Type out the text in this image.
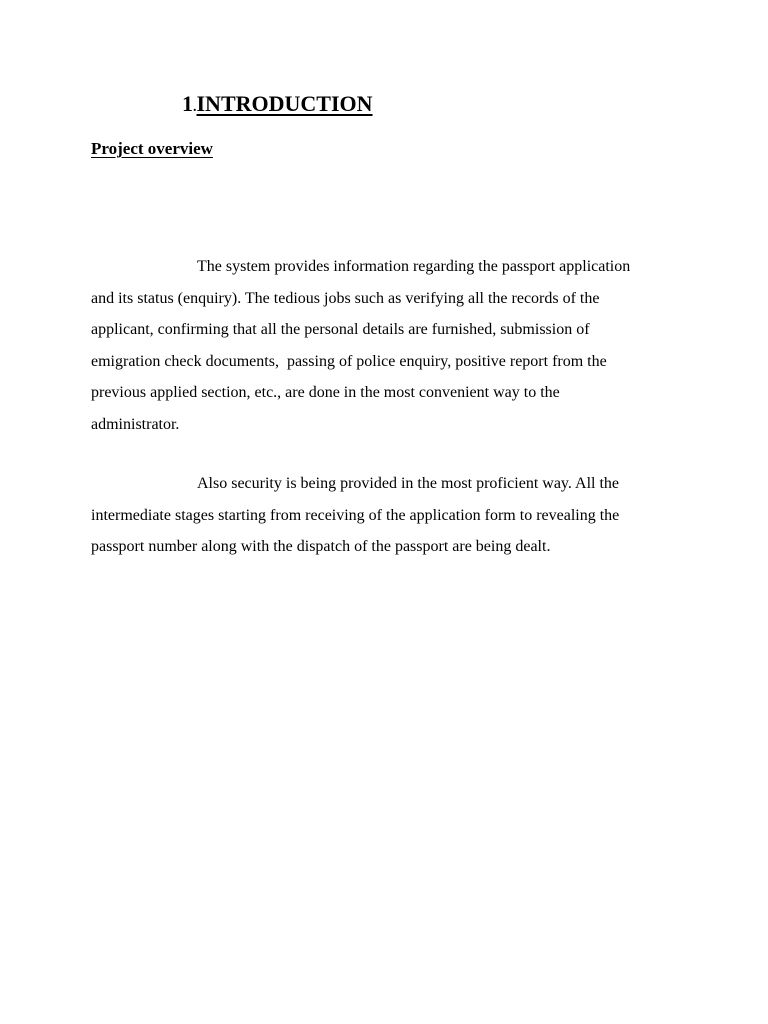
1.INTRODUCTION
Project overview

The system provides information regarding the passport application
and its status (enquiry). The tedious jobs such as verifying all the records of the
applicant, confirming that all the personal details are furnished, submission of
emigration check documents,  passing of police enquiry, positive report from the
previous applied section, etc., are done in the most convenient way to the
administrator.

Also security is being provided in the most proficient way. All the
intermediate stages starting from receiving of the application form to revealing the
passport number along with the dispatch of the passport are being dealt.
